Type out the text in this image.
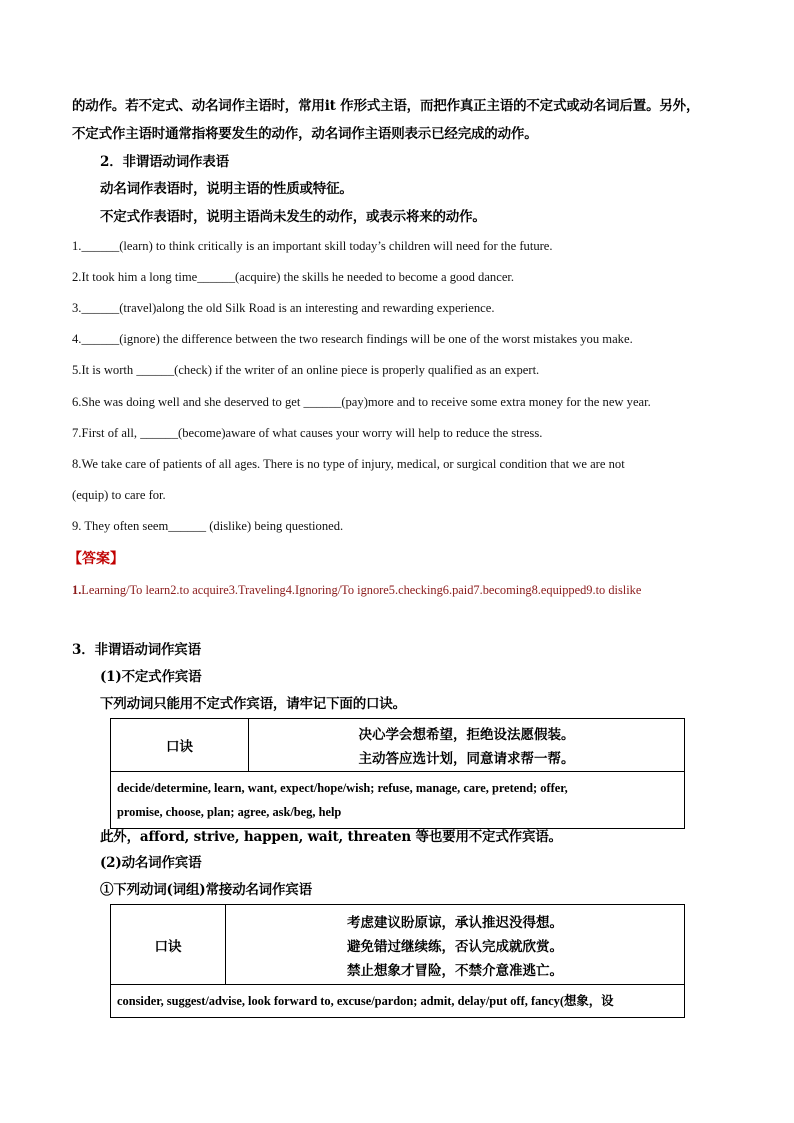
的动作。若不定式、动名词作主语时，常用it 作形式主语，而把作真正主语的不定式或动名词后置。另外，
不定式作主语时通常指将要发生的动作，动名词作主语则表示已经完成的动作。
2．非谓语动词作表语
动名词作表语时，说明主语的性质或特征。
不定式作表语时，说明主语尚未发生的动作，或表示将来的动作。
1.______(learn) to think critically is an important skill today’s children will need for the future.
2.It took him a long time______(acquire) the skills he needed to become a good dancer.
3.______(travel)along the old Silk Road is an interesting and rewarding experience.
4.______(ignore) the difference between the two research findings will be one of the worst mistakes you make.
5.It is worth ______(check) if the writer of an online piece is properly qualified as an expert.
6.She was doing well and she deserved to get ______(pay)more and to receive some extra money for the new year.
7.First of all, ______(become)aware of what causes your worry will help to reduce the stress.
8.We take care of patients of all ages. There is no type of injury, medical, or surgical condition that we are not
(equip) to care for.
9. They often seem______ (dislike) being questioned.
【答案】
1.Learning/To learn2.to acquire3.Traveling4.Ignoring/To ignore5.checking6.paid7.becoming8.equipped9.to dislike
3．非谓语动词作宾语
(1)不定式作宾语
下列动词只能用不定式作宾语，请牢记下面的口诀。
口诀	
决心学会想希望，拒绝设法愿假装。
主动答应选计划，同意请求帮一帮。

decide/determine, learn, want, expect/hope/wish; refuse, manage, care, pretend; offer,
promise, choose, plan; agree, ask/beg, help
此外，afford, strive, happen, wait, threaten 等也要用不定式作宾语。
(2)动名词作宾语
①下列动词(词组)常接动名词作宾语
口诀	
考虑建议盼原谅，承认推迟没得想。
避免错过继续练，否认完成就欣赏。
禁止想象才冒险，不禁介意准逃亡。

consider, suggest/advise, look forward to, excuse/pardon; admit, delay/put off, fancy(想象，设
